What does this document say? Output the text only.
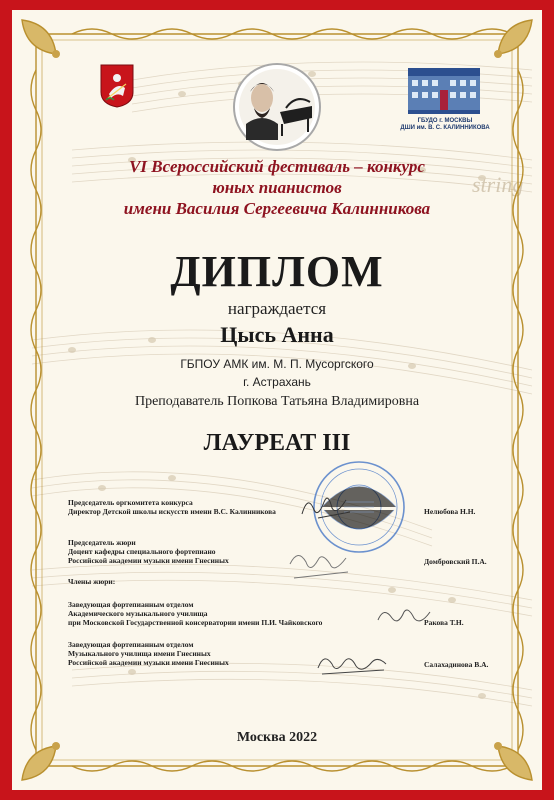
string
ГБУДО г. МОСКВЫ
ДШИ им. В. С. КАЛИННИКОВА
VI Всероссийский фестиваль – конкурс
юных пианистов
имени Василия Сергеевича Калинникова
ДИПЛОМ
награждается
Цысь Анна
ГБПОУ АМК им. М. П. Мусоргского
г. Астрахань
Преподаватель Попкова Татьяна Владимировна
ЛАУРЕАТ III
Председатель оргкомитета конкурса
Директор Детской школы искусств имени В.С. Калинникова	Нелюбова Н.Н.
Председатель жюри
Доцент кафедры специального фортепиано
Российской академии музыки имени Гнесиных	Домбровский П.А.
Члены жюри:
Заведующая фортепианным отделом
Академического музыкального училища
при Московской Государственной консерватории имени П.И. Чайковского	Ракова Т.Н.
Заведующая фортепианным отделом
Музыкального училища имени Гнесиных
Российской академии музыки имени Гнесиных	Салахадинова В.А.
Москва 2022
